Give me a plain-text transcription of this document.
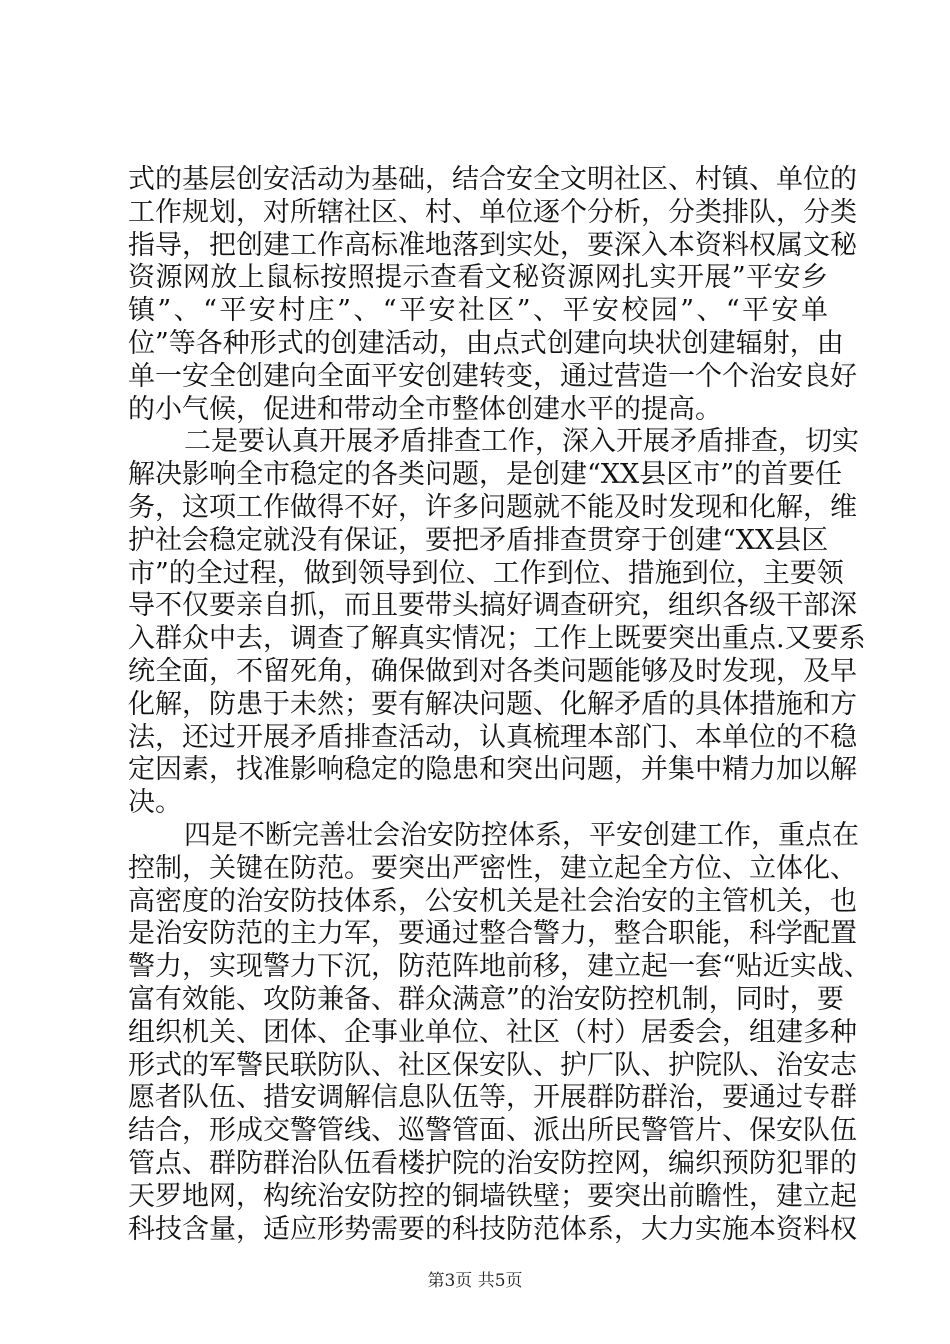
式的基层创安活动为基础，结合安全文明社区、村镇、单位的
工作规划，对所辖社区、村、单位逐个分析，分类排队，分类
指导，把创建工作高标准地落到实处，要深入本资料权属文秘
资源网放上鼠标按照提示查看文秘资源网扎实开展”平安乡
镇”、“平安村庄”、“平安社区”、平安校园”、“平安单
位”等各种形式的创建活动，由点式创建向块状创建辐射，由
单一安全创建向全面平安创建转变，通过营造一个个治安良好
的小气候，促进和带动全市整体创建水平的提高。
二是要认真开展矛盾排查工作，深入开展矛盾排查，切实
解决影响全市稳定的各类问题，是创建“XX县区市”的首要任
务，这项工作做得不好，许多问题就不能及时发现和化解，维
护社会稳定就没有保证，要把矛盾排查贯穿于创建“XX县区
市”的全过程，做到领导到位、工作到位、措施到位，主要领
导不仅要亲自抓，而且要带头搞好调查研究，组织各级干部深
入群众中去，调查了解真实情况；工作上既要突出重点.又要系
统全面，不留死角，确保做到对各类问题能够及时发现，及早
化解，防患于未然；要有解决问题、化解矛盾的具体措施和方
法，还过开展矛盾排查活动，认真梳理本部门、本单位的不稳
定因素，找准影响稳定的隐患和突出问题，并集中精力加以解
决。
四是不断完善壮会治安防控体系，平安创建工作，重点在
控制，关键在防范。要突出严密性，建立起全方位、立体化、
高密度的治安防技体系，公安机关是社会治安的主管机关，也
是治安防范的主力军，要通过整合警力，整合职能，科学配置
警力，实现警力下沉，防范阵地前移，建立起一套“贴近实战、
富有效能、攻防兼备、群众满意”的治安防控机制，同时，要
组织机关、团体、企事业单位、社区（村）居委会，组建多种
形式的军警民联防队、社区保安队、护厂队、护院队、治安志
愿者队伍、措安调解信息队伍等，开展群防群治，要通过专群
结合，形成交警管线、巡警管面、派出所民警管片、保安队伍
管点、群防群治队伍看楼护院的治安防控网，编织预防犯罪的
天罗地网，构统治安防控的铜墙铁壁；要突出前瞻性，建立起
科技含量，适应形势需要的科技防范体系，大力实施本资料权
第3页 共5页
